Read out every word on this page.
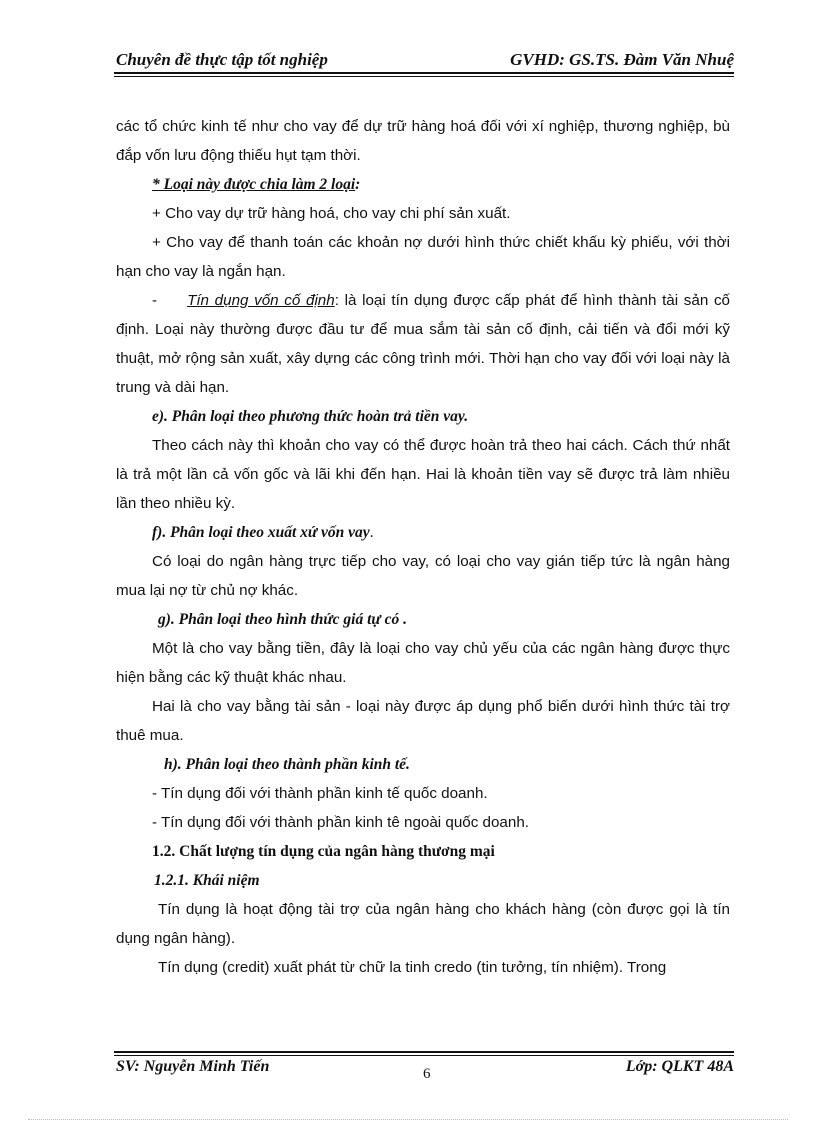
Chuyên đề thực tập tốt nghiệp	GVHD: GS.TS. Đàm Văn Nhuệ

các tổ chức kinh tế như cho vay để dự trữ hàng hoá đối với xí nghiệp, thương nghiệp, bù đắp vốn lưu động thiếu hụt tạm thời.

* Loại này được chia làm 2 loại:

+ Cho vay dự trữ hàng hoá, cho vay chi phí sản xuất.

+ Cho vay để thanh toán các khoản nợ dưới hình thức chiết khấu kỳ phiếu, với thời hạn cho vay là ngắn hạn.

- Tín dụng vốn cố định: là loại tín dụng được cấp phát để hình thành tài sản cố định. Loại này thường được đầu tư để mua sắm tài sản cố định, cải tiến và đổi mới kỹ thuật, mở rộng sản xuất, xây dựng các công trình mới. Thời hạn cho vay đối với loại này là trung và dài hạn.

e). Phân loại theo phương thức hoàn trả tiền vay.

Theo cách này thì khoản cho vay có thể được hoàn trả theo hai cách. Cách thứ nhất là trả một lần cả vốn gốc và lãi khi đến hạn. Hai là khoản tiền vay sẽ được trả làm nhiều lần theo nhiều kỳ.

f). Phân loại theo xuất xứ vốn vay.

Có loại do ngân hàng trực tiếp cho vay, có loại cho vay gián tiếp tức là ngân hàng mua lại nợ từ chủ nợ khác.

g). Phân loại theo hình thức giá tự có .

Một là cho vay bằng tiền, đây là loại cho vay chủ yếu của các ngân hàng được thực hiện bằng các kỹ thuật khác nhau.

Hai là cho vay bằng tài sản - loại này được áp dụng phổ biến dưới hình thức tài trợ thuê mua.

h). Phân loại theo thành phần kinh tế.

- Tín dụng đối với thành phần kinh tế quốc doanh.

- Tín dụng đối với thành phần kinh tê ngoài quốc doanh.

1.2. Chất lượng tín dụng của ngân hàng thương mại

1.2.1. Khái niệm

Tín dụng là hoạt động tài trợ của ngân hàng cho khách hàng (còn được gọi là tín dụng ngân hàng).

Tín dụng (credit) xuất phát từ chữ la tinh credo (tin tưởng, tín nhiệm). Trong

SV: Nguyễn Minh Tiến	Lớp: QLKT 48A
6
